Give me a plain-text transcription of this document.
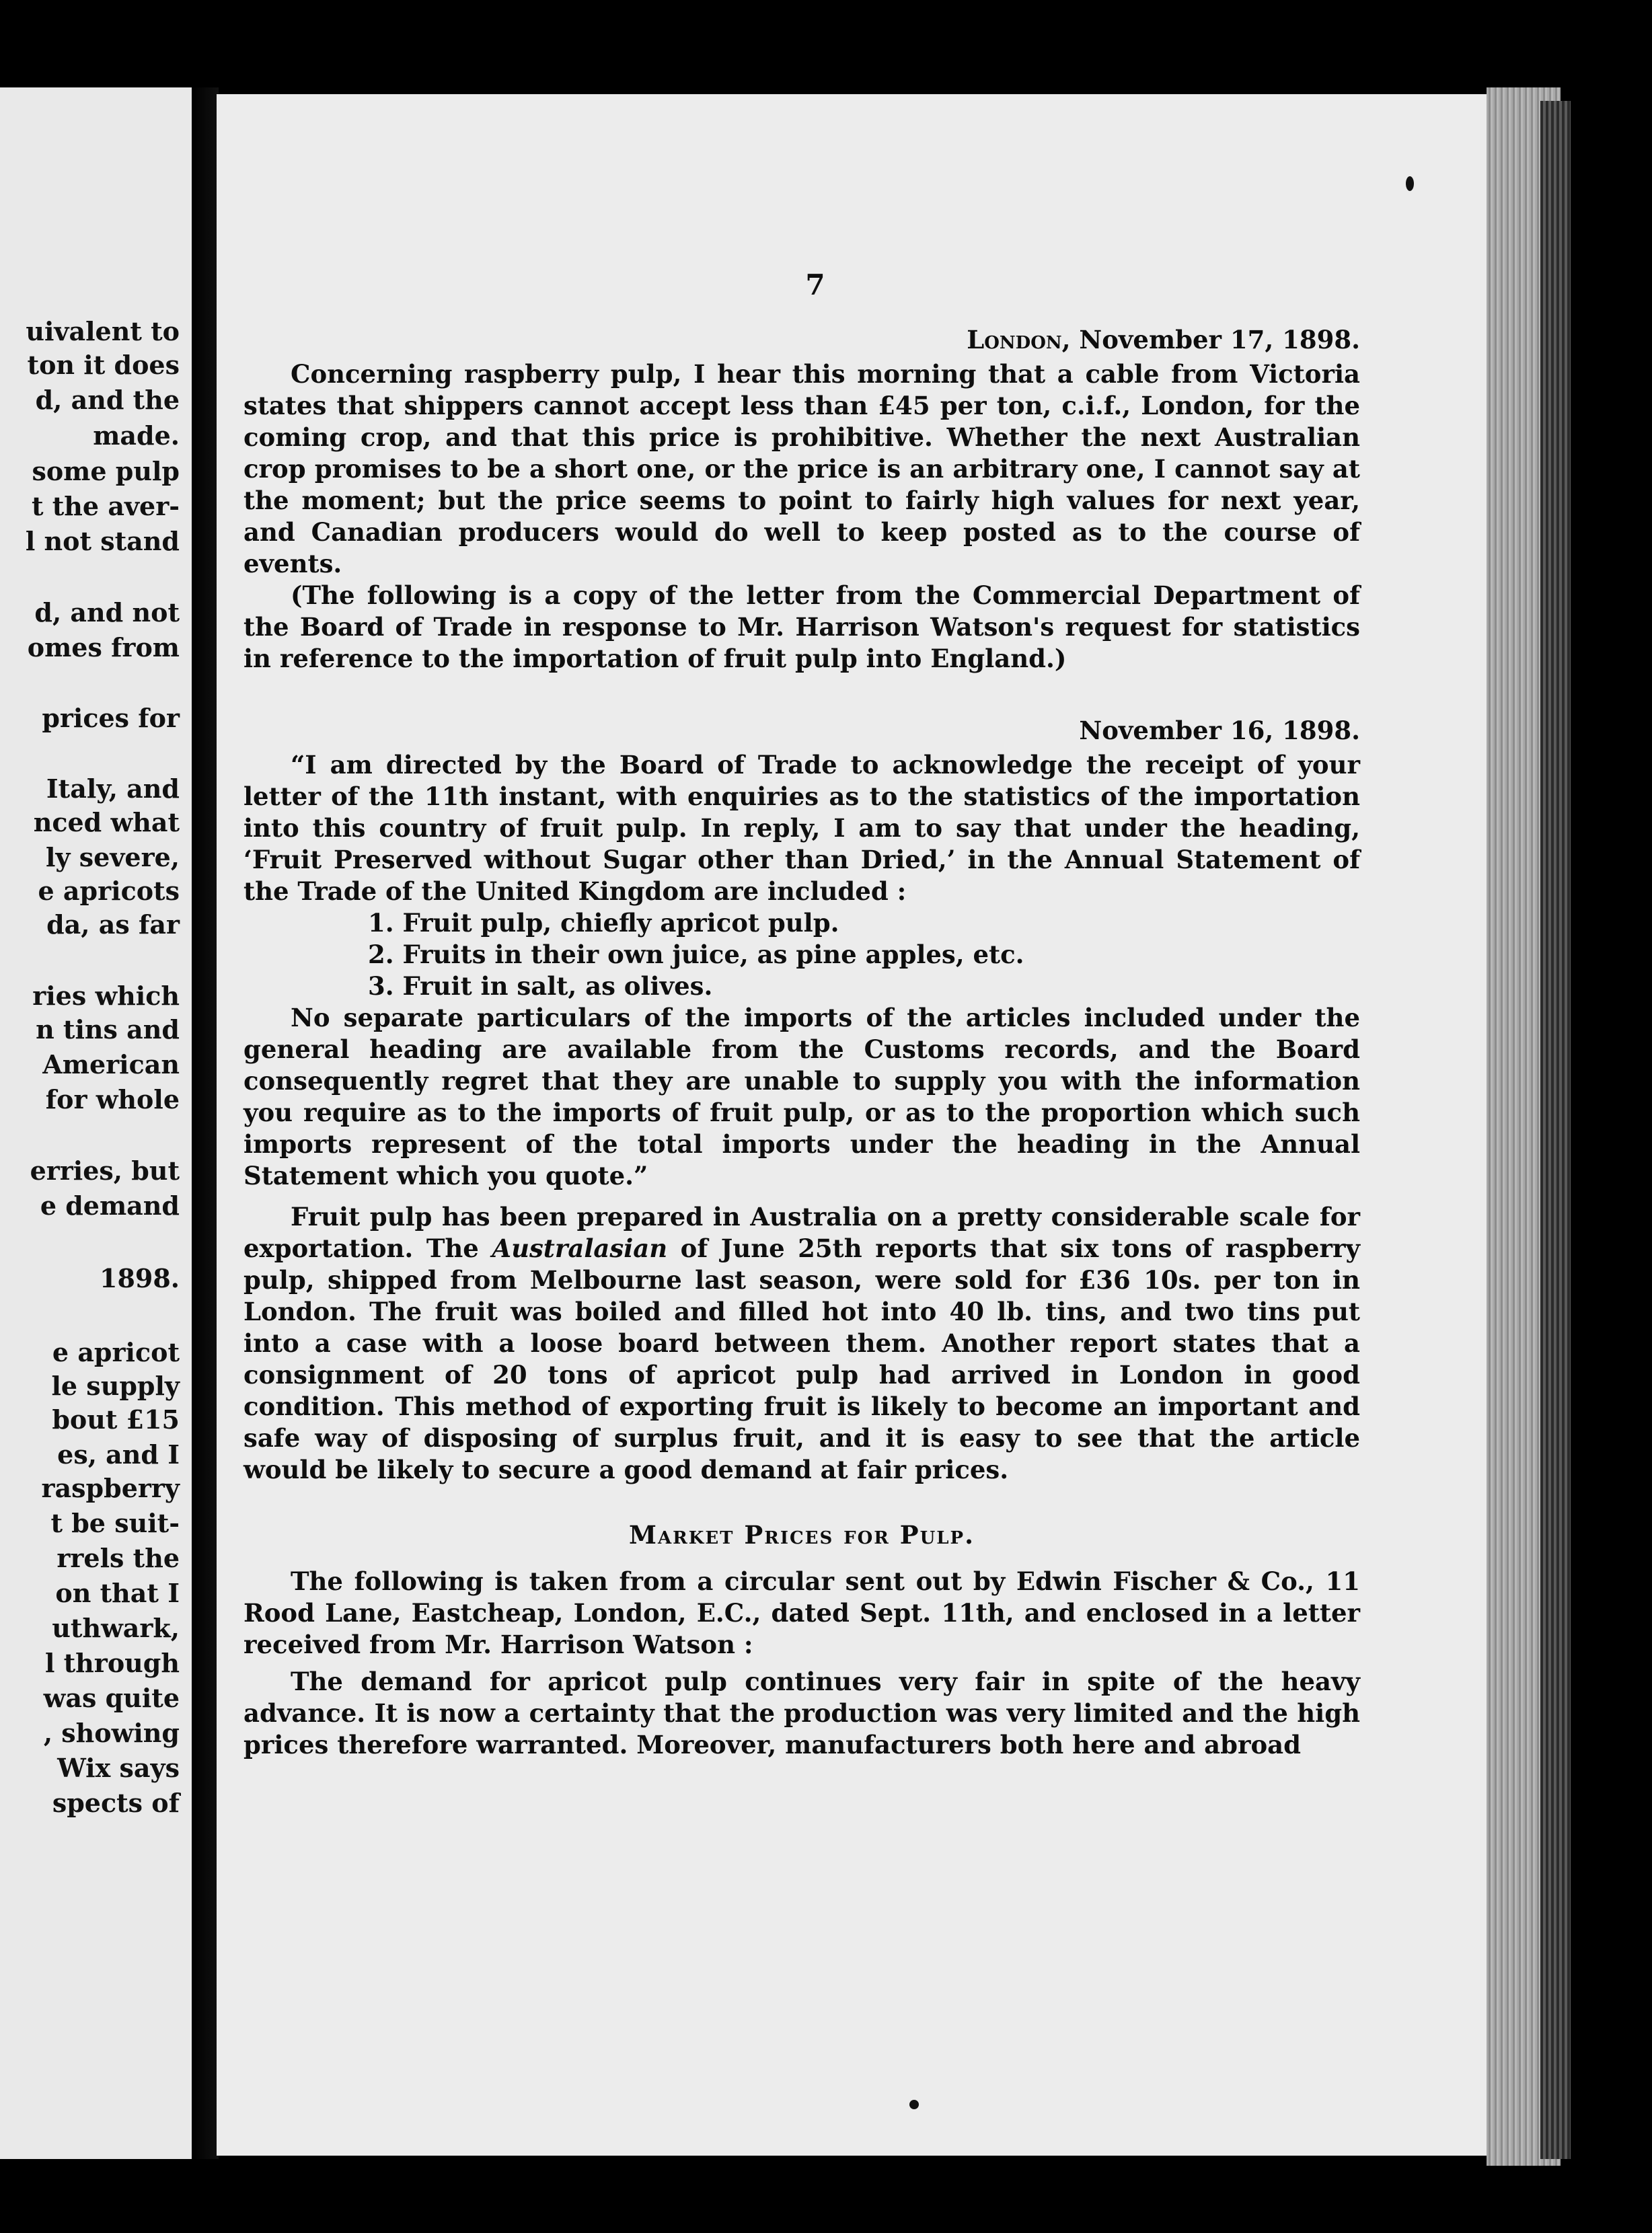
uivalent to
ton it does
d, and the
made.
some pulp
t the aver-
l not stand
d, and not
omes from
prices for
Italy, and
nced what
ly severe,
e apricots
da, as far
ries which
n tins and
American
for whole
erries, but
e demand
1898.
e apricot
le supply
bout £15
es, and I
raspberry
t be suit-
rrels the
on that I
uthwark,
l through
was quite
, showing
Wix says
spects of
7
London, November 17, 1898.

Concerning raspberry pulp, I hear this morning that a cable from Victoria states that shippers cannot accept less than £45 per ton, c.i.f., London, for the coming crop, and that this price is prohibitive. Whether the next Australian crop promises to be a short one, or the price is an arbitrary one, I cannot say at the moment; but the price seems to point to fairly high values for next year, and Canadian producers would do well to keep posted as to the course of events.

(The following is a copy of the letter from the Commercial Department of the Board of Trade in response to Mr. Harrison Watson's request for statistics in reference to the importation of fruit pulp into England.)

November 16, 1898.

“I am directed by the Board of Trade to acknowledge the receipt of your letter of the 11th instant, with enquiries as to the statistics of the importation into this country of fruit pulp. In reply, I am to say that under the heading, ‘Fruit Preserved without Sugar other than Dried,’ in the Annual Statement of the Trade of the United Kingdom are included :

1. Fruit pulp, chiefly apricot pulp.
2. Fruits in their own juice, as pine apples, etc.
3. Fruit in salt, as olives.

No separate particulars of the imports of the articles included under the general heading are available from the Customs records, and the Board consequently regret that they are unable to supply you with the information you require as to the imports of fruit pulp, or as to the proportion which such imports represent of the total imports under the heading in the Annual Statement which you quote.”

Fruit pulp has been prepared in Australia on a pretty considerable scale for exportation. The Australasian of June 25th reports that six tons of raspberry pulp, shipped from Melbourne last season, were sold for £36 10s. per ton in London. The fruit was boiled and filled hot into 40 lb. tins, and two tins put into a case with a loose board between them. Another report states that a consignment of 20 tons of apricot pulp had arrived in London in good condition. This method of exporting fruit is likely to become an important and safe way of disposing of surplus fruit, and it is easy to see that the article would be likely to secure a good demand at fair prices.

Market Prices for Pulp.

The following is taken from a circular sent out by Edwin Fischer & Co., 11 Rood Lane, Eastcheap, London, E.C., dated Sept. 11th, and enclosed in a letter received from Mr. Harrison Watson :

The demand for apricot pulp continues very fair in spite of the heavy advance. It is now a certainty that the production was very limited and the high prices therefore warranted. Moreover, manufacturers both here and abroad
